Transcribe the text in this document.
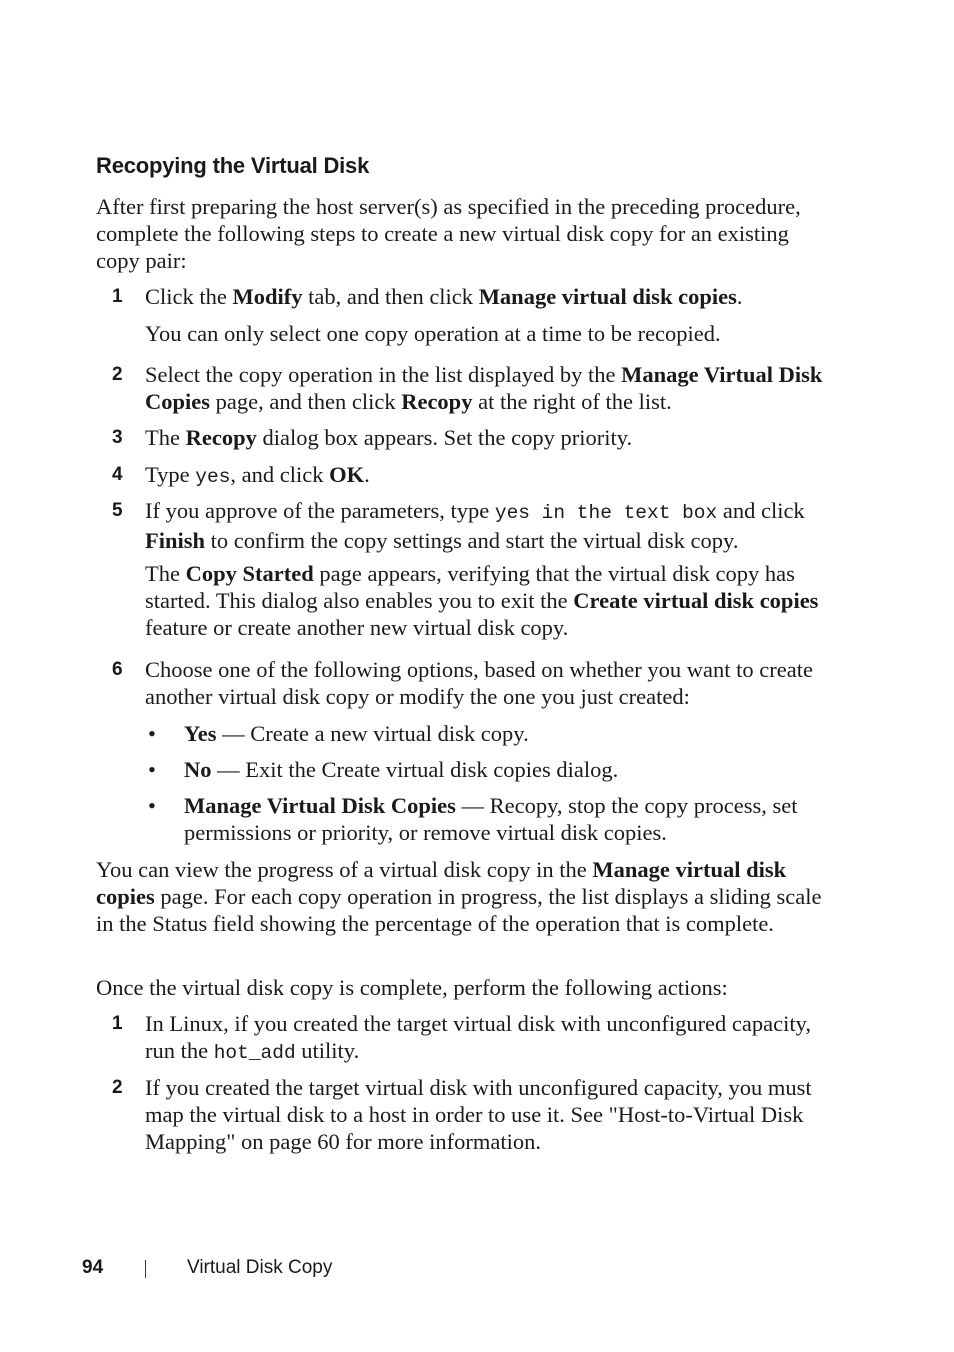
Recopying the Virtual Disk

After first preparing the host server(s) as specified in the preceding procedure, complete the following steps to create a new virtual disk copy for an existing copy pair:

1 Click the Modify tab, and then click Manage virtual disk copies.

You can only select one copy operation at a time to be recopied.

2 Select the copy operation in the list displayed by the Manage Virtual Disk Copies page, and then click Recopy at the right of the list.

3 The Recopy dialog box appears. Set the copy priority.

4 Type yes, and click OK.

5 If you approve of the parameters, type yes in the text box and click Finish to confirm the copy settings and start the virtual disk copy.

The Copy Started page appears, verifying that the virtual disk copy has started. This dialog also enables you to exit the Create virtual disk copies feature or create another new virtual disk copy.

6 Choose one of the following options, based on whether you want to create another virtual disk copy or modify the one you just created:

• Yes — Create a new virtual disk copy.

• No — Exit the Create virtual disk copies dialog.

• Manage Virtual Disk Copies — Recopy, stop the copy process, set permissions or priority, or remove virtual disk copies.

You can view the progress of a virtual disk copy in the Manage virtual disk copies page. For each copy operation in progress, the list displays a sliding scale in the Status field showing the percentage of the operation that is complete.

Once the virtual disk copy is complete, perform the following actions:

1 In Linux, if you created the target virtual disk with unconfigured capacity, run the hot_add utility.

2 If you created the target virtual disk with unconfigured capacity, you must map the virtual disk to a host in order to use it. See "Host-to-Virtual Disk Mapping" on page 60 for more information.

94	Virtual Disk Copy
